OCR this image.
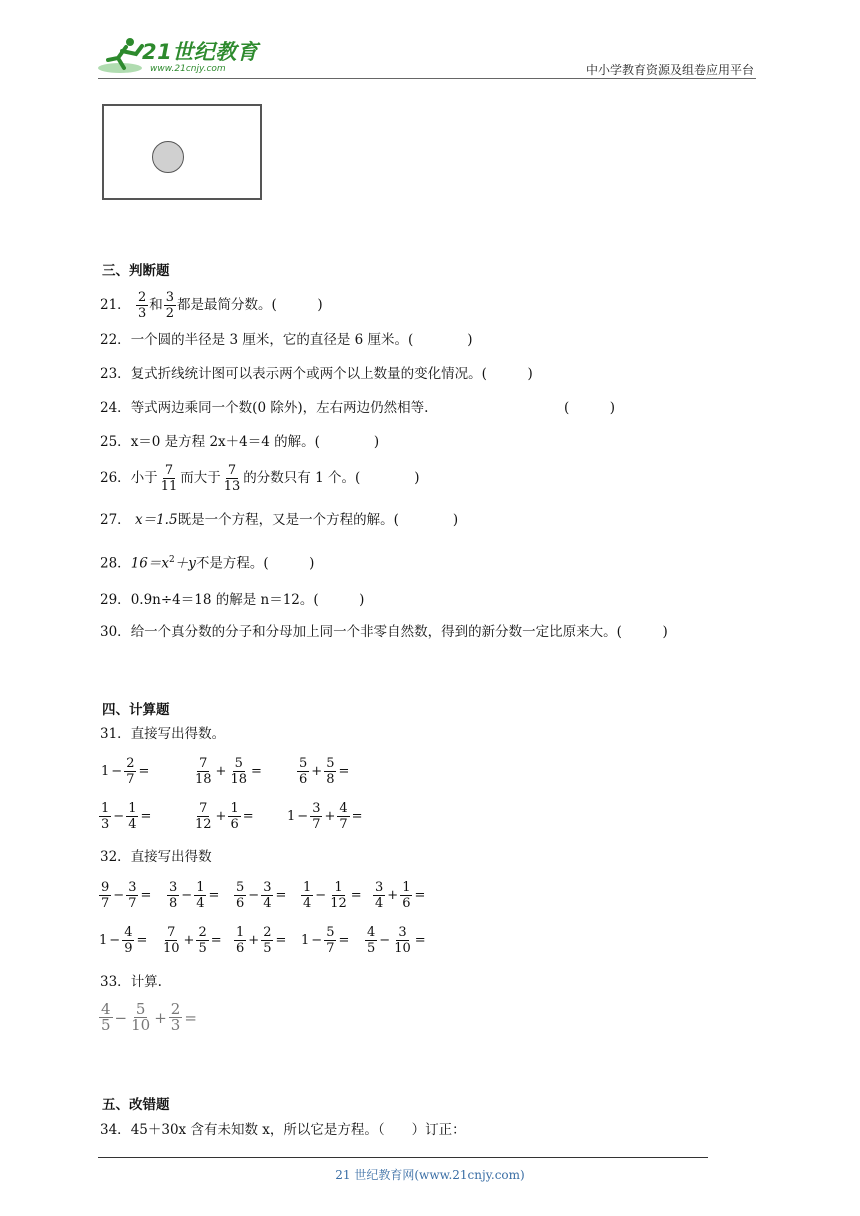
21世纪教育
www.21cnjy.com	中小学教育资源及组卷应用平台
三、判断题
21． $\frac{2}{3}$ 和 $\frac{3}{2}$ 都是最简分数。(　　　)
22．一个圆的半径是 3 厘米，它的直径是 6 厘米。(　　　　)
23．复式折线统计图可以表示两个或两个以上数量的变化情况。(　　　)
24．等式两边乘同一个数(0 除外)，左右两边仍然相等.	(　　　)
25．x＝0 是方程 2x＋4＝4 的解。(　　　　)
26．小于 $\frac{7}{11}$ 而大于 $\frac{7}{13}$ 的分数只有 1 个。(　　　　)
27． x＝1.5既是一个方程，又是一个方程的解。(　　　　)
28．$16=x^2+y$不是方程。(　　　)
29．0.9n÷4＝18 的解是 n＝12。(　　　)
30．给一个真分数的分子和分母加上同一个非零自然数，得到的新分数一定比原来大。(　　　)
四、计算题
31．直接写出得数。
$1 - \frac{2}{7}$ =	$\frac{7}{18} + \frac{5}{18}$ =	$\frac{5}{6} + \frac{5}{8}$ =
$\frac{1}{3} - \frac{1}{4}$ =	$\frac{7}{12} + \frac{1}{6}$ =	$1 - \frac{3}{7} + \frac{4}{7}$ =
32．直接写出得数
$\frac{9}{7} - \frac{3}{7} = \frac{3}{8} - \frac{1}{4} = \frac{5}{6} - \frac{3}{4} = \frac{1}{4} - \frac{1}{12} = \frac{3}{4} + \frac{1}{6}$ =
$1 - \frac{4}{9} = \frac{7}{10} + \frac{2}{5} = \frac{1}{6} + \frac{2}{5} = 1 - \frac{5}{7} = \frac{4}{5} - \frac{3}{10}$ =
33．计算.
$\frac{4}{5} - \frac{5}{10} + \frac{2}{3}$ =
五、改错题
34．45＋30x 含有未知数 x，所以它是方程。（　　）订正：
21 世纪教育网(www.21cnjy.com)
